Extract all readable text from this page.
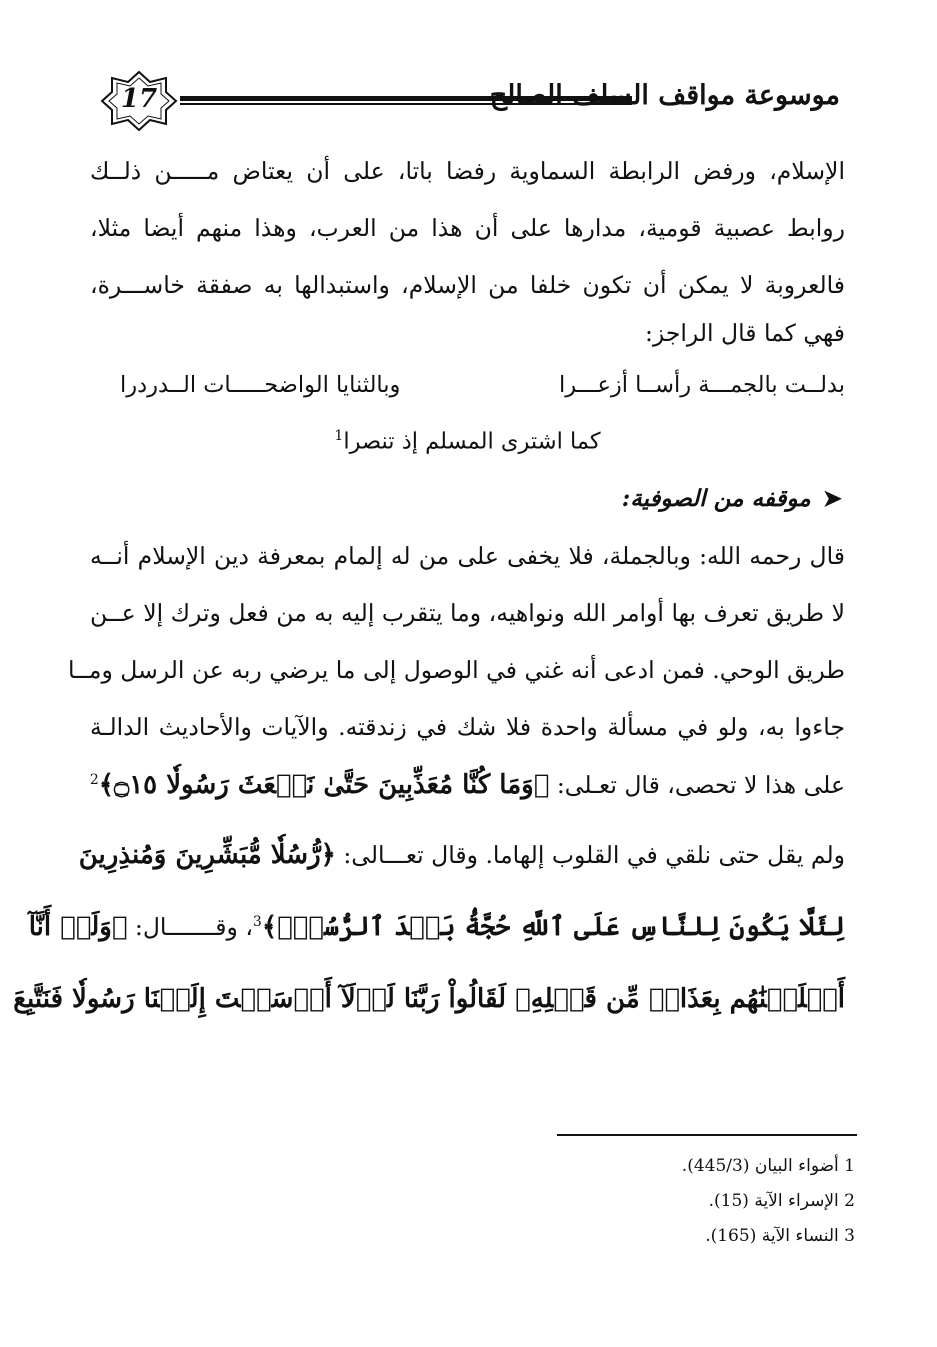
17	موسوعة مواقف السلف الصالح
الإسلام، ورفض الرابطة السماوية رفضا باتا، على أن يعتاض مـــــن ذلــك
روابط عصبية قومية، مدارها على أن هذا من العرب، وهذا منهم أيضا مثلا،
فالعروبة لا يمكن أن تكون خلفا من الإسلام، واستبدالها به صفقة خاســـرة،
فهي كما قال الراجز:
بدلــت بالجمـــة رأســا أزعـــرا
وبالثنايا الواضحـــــات الــدردرا
كما اشترى المسلم إذ تنصرا$^1$
➤موقفه من الصوفية:
قال رحمه الله: وبالجملة، فلا يخفى على من له إلمام بمعرفة دين الإسلام أنــه
لا طريق تعرف بها أوامر الله ونواهيه، وما يتقرب إليه به من فعل وترك إلا عــن
طريق الوحي. فمن ادعى أنه غني في الوصول إلى ما يرضي ربه عن الرسل ومــا
جاءوا به، ولو في مسألة واحدة فلا شك في زندقته. والآيات والأحاديث الدالـة
على هذا لا تحصى، قال تعـلى: ﴿وَمَا كُنَّا مُعَذِّبِينَ حَتَّىٰ نَبۡعَثَ رَسُولٗا ۝١٥﴾$^2$
ولم يقل حتى نلقي في القلوب إلهاما. وقال تعـــالى: ﴿رُّسُلٗا مُّبَشِّرِينَ وَمُنذِرِينَ
لِئَلَّا يَكُونَ لِلنَّاسِ عَلَى ٱللَّهِ حُجَّةُۢ بَعۡدَ ٱلرُّسُلِۚ﴾$^3$، وقـــــــال: ﴿وَلَوۡ أَنَّآ
أَهۡلَكۡنَٰهُم بِعَذَابٖ مِّن قَبۡلِهِۦ لَقَالُواْ رَبَّنَا لَوۡلَآ أَرۡسَلۡتَ إِلَيۡنَا رَسُولٗا فَنَتَّبِعَ
1 أضواء البيان (445/3).
2 الإسراء الآية (15).
3 النساء الآية (165).
